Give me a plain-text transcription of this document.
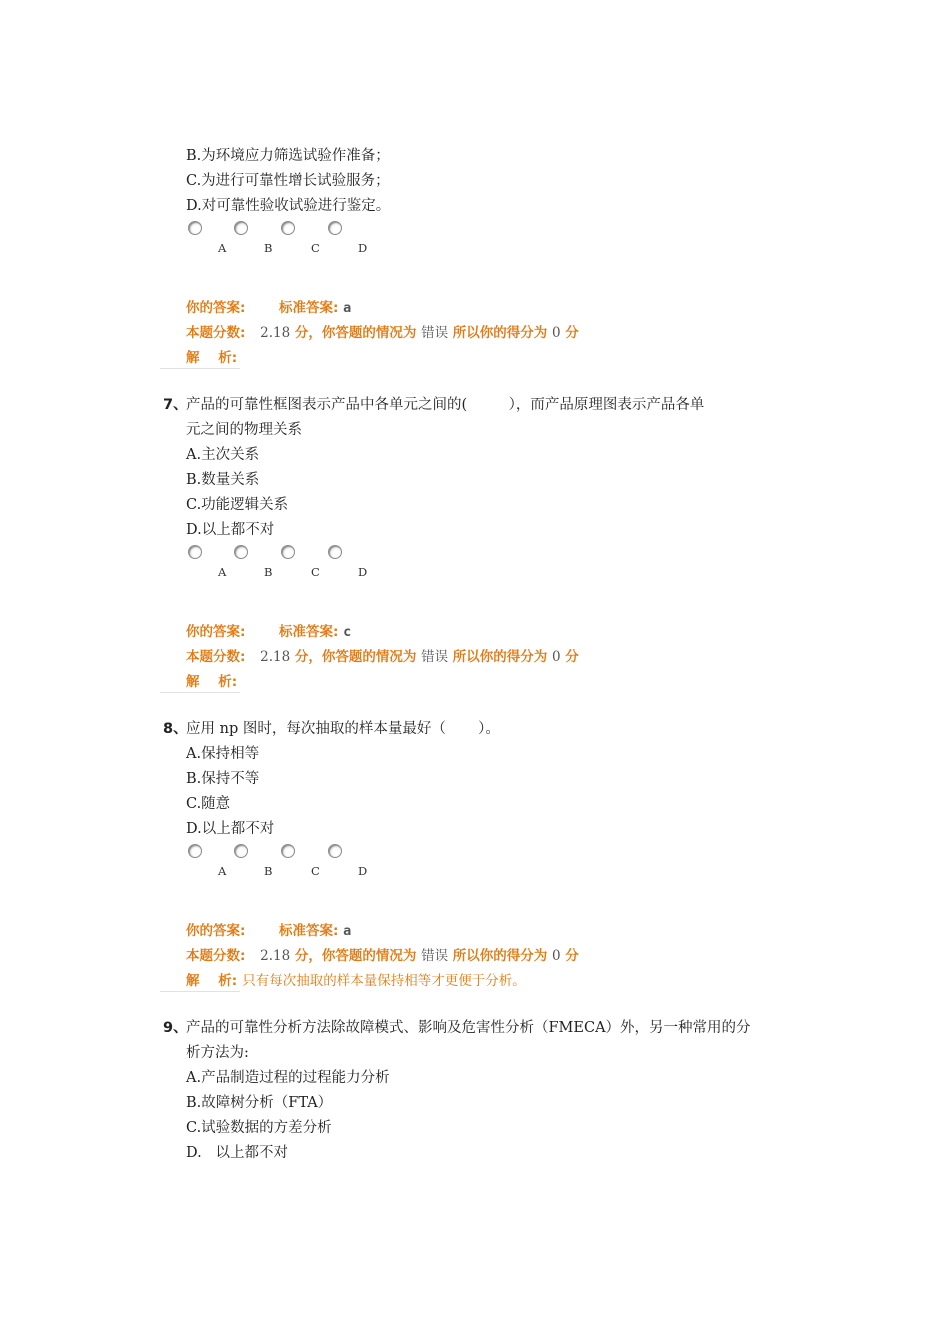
B.为环境应力筛选试验作准备；
C.为进行可靠性增长试验服务；
D.对可靠性验收试验进行鉴定。
A	B	C	D
你的答案: 标准答案: a
本题分数: 2.18 分，你答题的情况为 错误 所以你的得分为 0 分
解    析:
7、
产品的可靠性框图表示产品中各单元之间的(         ），而产品原理图表示产品各单
元之间的物理关系
A.主次关系
B.数量关系
C.功能逻辑关系
D.以上都不对
A	B	C	D
你的答案: 标准答案: c
本题分数: 2.18 分，你答题的情况为 错误 所以你的得分为 0 分
解    析:
8、
应用 np 图时，每次抽取的样本量最好（       ）。
A.保持相等
B.保持不等
C.随意
D.以上都不对
A	B	C	D
你的答案: 标准答案: a
本题分数: 2.18 分，你答题的情况为 错误 所以你的得分为 0 分
解    析: 只有每次抽取的样本量保持相等才更便于分析。
9、
产品的可靠性分析方法除故障模式、影响及危害性分析（FMECA）外，另一种常用的分
析方法为:
A.产品制造过程的过程能力分析
B.故障树分析（FTA）
C.试验数据的方差分析
D.   以上都不对
